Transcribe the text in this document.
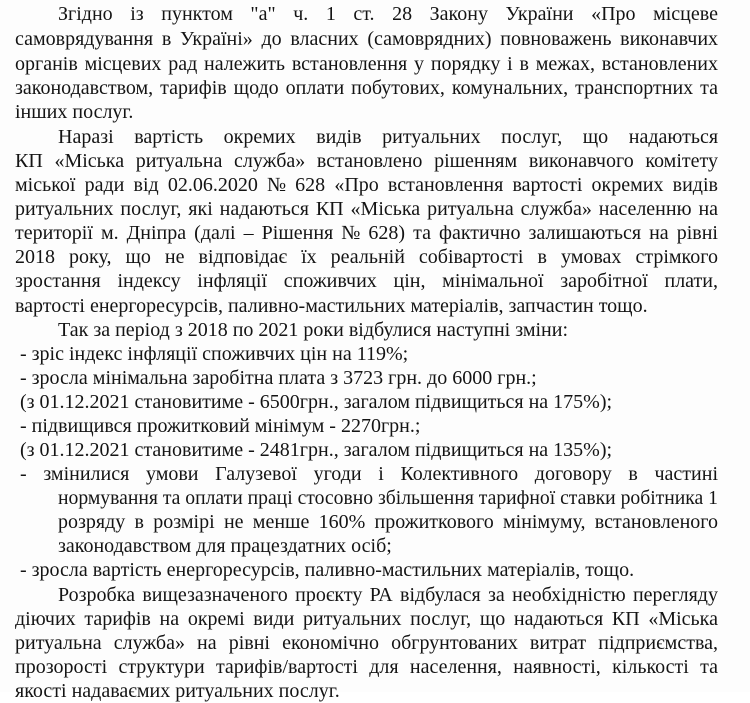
Згідно із пунктом "а" ч. 1 ст. 28 Закону України «Про місцеве

самоврядування в Україні» до власних (самоврядних) повноважень виконавчих

органів місцевих рад належить встановлення у порядку і в межах, встановлених

законодавством, тарифів щодо оплати побутових, комунальних, транспортних та

інших послуг.

Наразі вартість окремих видів ритуальних послуг, що надаються

КП «Міська ритуальна служба» встановлено рішенням виконавчого комітету

міської ради від 02.06.2020 № 628 «Про встановлення вартості окремих видів

ритуальних послуг, які надаються КП «Міська ритуальна служба» населенню на

території м. Дніпра (далі – Рішення № 628) та фактично залишаються на рівні

2018 року, що не відповідає їх реальній собівартості в умовах стрімкого

зростання індексу інфляції споживчих цін, мінімальної заробітної плати,

вартості енергоресурсів, паливно-мастильних матеріалів, запчастин тощо.

Так за період з 2018 по 2021 роки відбулися наступні зміни:

- зріс індекс інфляції споживчих цін на 119%;

- зросла мінімальна заробітна плата з 3723 грн. до 6000 грн.;

(з 01.12.2021 становитиме - 6500грн., загалом підвищиться на 175%);

- підвищився прожитковий мінімум - 2270грн.;

(з 01.12.2021 становитиме - 2481грн., загалом підвищиться на 135%);

- змінилися умови Галузевої угоди і Колективного договору в частині

нормування та оплати праці стосовно збільшення тарифної ставки робітника 1

розряду в розмірі не менше 160% прожиткового мінімуму, встановленого

законодавством для працездатних осіб;

- зросла вартість енергоресурсів, паливно-мастильних матеріалів, тощо.

Розробка вищезазначеного проєкту РА відбулася за необхідністю перегляду

діючих тарифів на окремі види ритуальних послуг, що надаються КП «Міська

ритуальна служба» на рівні економічно обгрунтованих витрат підприємства,

прозорості структури тарифів/вартості для населення, наявності, кількості та

якості надаваємих ритуальних послуг.
